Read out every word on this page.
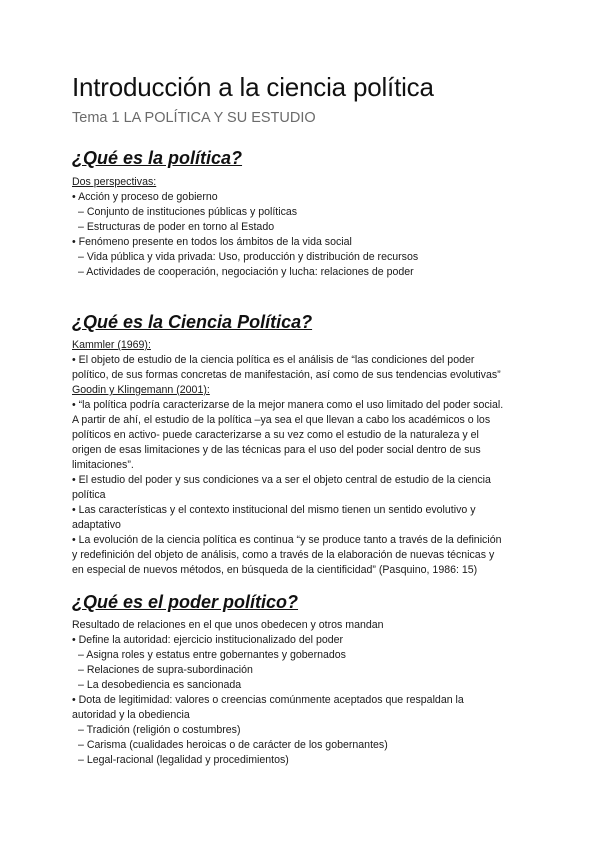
Introducción a la ciencia política
Tema 1 LA POLÍTICA Y SU ESTUDIO
¿Qué es la política?
Dos perspectivas:
• Acción y proceso de gobierno
– Conjunto de instituciones públicas y políticas
– Estructuras de poder en torno al Estado
• Fenómeno presente en todos los ámbitos de la vida social
– Vida pública y vida privada: Uso, producción y distribución de recursos
– Actividades de cooperación, negociación y lucha: relaciones de poder
¿Qué es la Ciencia Política?
Kammler (1969):
• El objeto de estudio de la ciencia política es el análisis de “las condiciones del poder
político, de sus formas concretas de manifestación, así como de sus tendencias evolutivas”
Goodin y Klingemann (2001):
• “la política podría caracterizarse de la mejor manera como el uso limitado del poder social.
A partir de ahí, el estudio de la política –ya sea el que llevan a cabo los académicos o los
políticos en activo- puede caracterizarse a su vez como el estudio de la naturaleza y el
origen de esas limitaciones y de las técnicas para el uso del poder social dentro de sus
limitaciones”.
• El estudio del poder y sus condiciones va a ser el objeto central de estudio de la ciencia
política
• Las características y el contexto institucional del mismo tienen un sentido evolutivo y
adaptativo
• La evolución de la ciencia política es continua “y se produce tanto a través de la definición
y redefinición del objeto de análisis, como a través de la elaboración de nuevas técnicas y
en especial de nuevos métodos, en búsqueda de la cientificidad” (Pasquino, 1986: 15)
¿Qué es el poder político?
Resultado de relaciones en el que unos obedecen y otros mandan
• Define la autoridad: ejercicio institucionalizado del poder
– Asigna roles y estatus entre gobernantes y gobernados
– Relaciones de supra-subordinación
– La desobediencia es sancionada
• Dota de legitimidad: valores o creencias comúnmente aceptados que respaldan la
autoridad y la obediencia
– Tradición (religión o costumbres)
– Carisma (cualidades heroicas o de carácter de los gobernantes)
– Legal-racional (legalidad y procedimientos)
